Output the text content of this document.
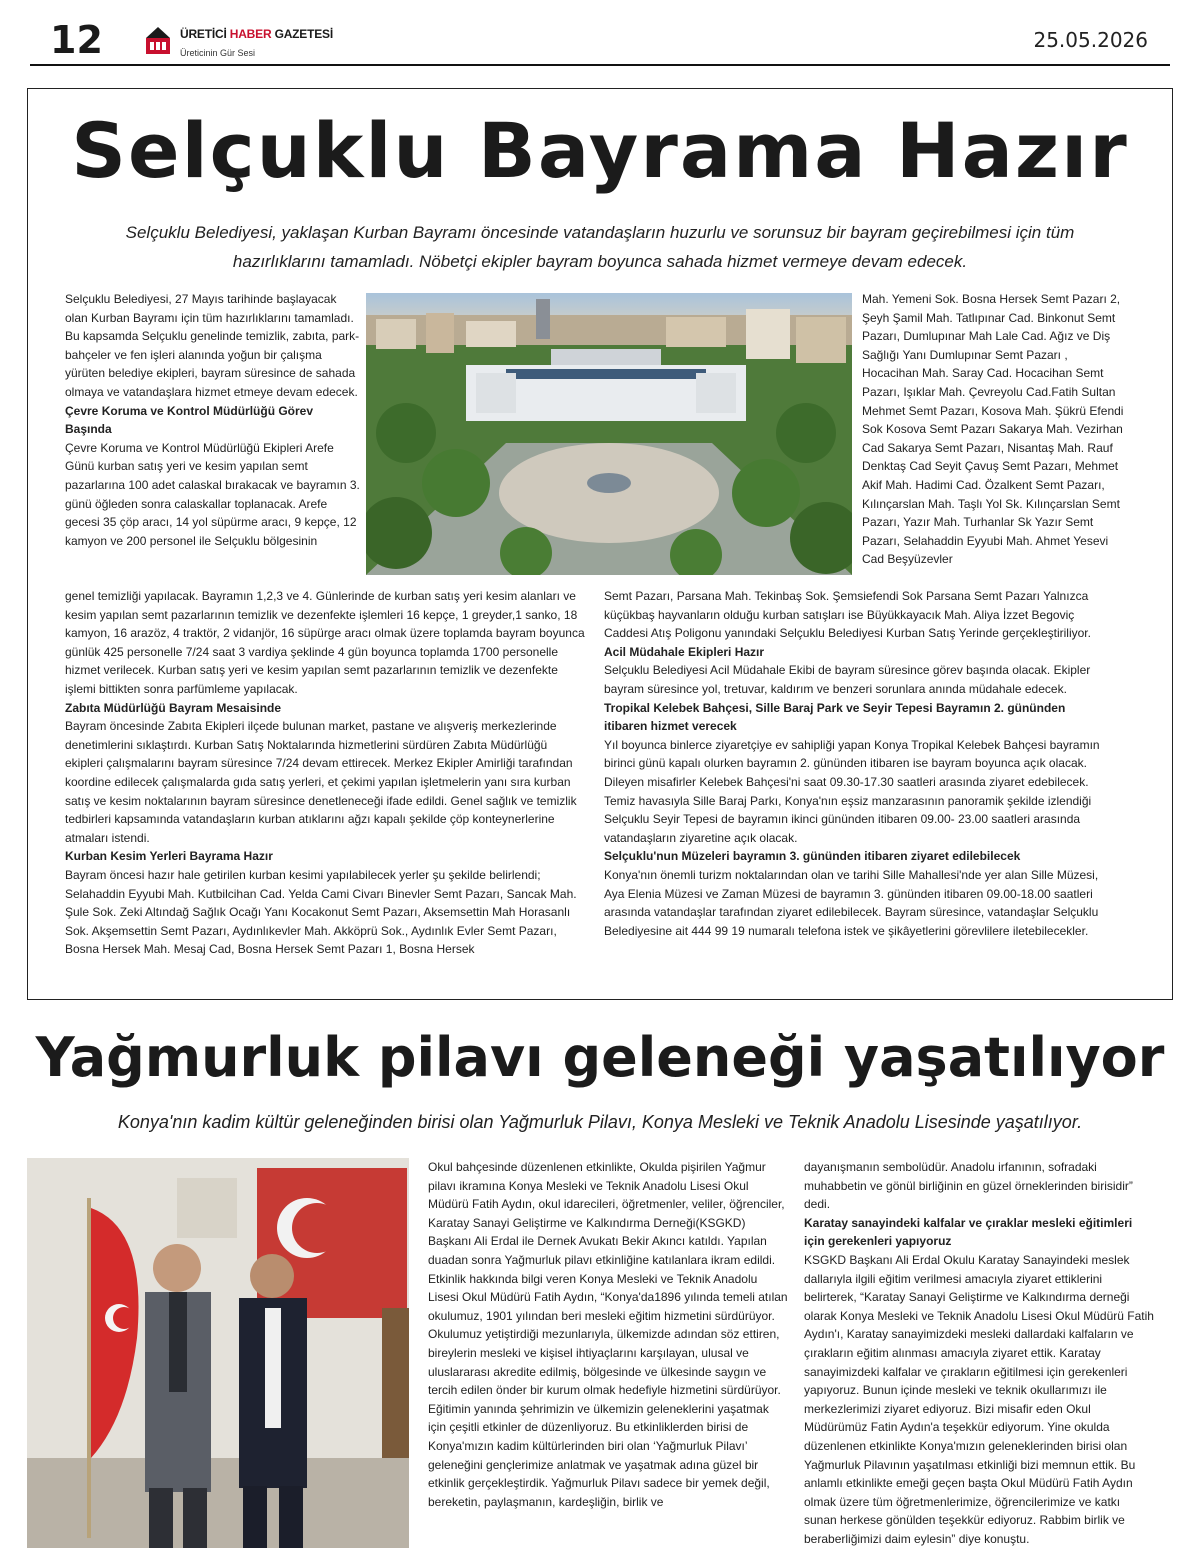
12	ÜRETİCİ HABER GAZETESİ
Üreticinin Gür Sesi
25.05.2026
Selçuklu Bayrama Hazır
Selçuklu Belediyesi, yaklaşan Kurban Bayramı öncesinde vatandaşların huzurlu ve sorunsuz bir bayram geçirebilmesi için tüm hazırlıklarını tamamladı. Nöbetçi ekipler bayram boyunca sahada hizmet vermeye devam edecek.

Selçuklu Belediyesi, 27 Mayıs tarihinde başlayacak olan Kurban Bayramı için tüm hazırlıklarını tamamladı. Bu kapsamda Selçuklu genelinde temizlik, zabıta, park-bahçeler ve fen işleri alanında yoğun bir çalışma yürüten belediye ekipleri, bayram süresince de sahada olmaya ve vatandaşlara hizmet etmeye devam edecek.

Çevre Koruma ve Kontrol Müdürlüğü Görev Başında

Çevre Koruma ve Kontrol Müdürlüğü Ekipleri Arefe Günü kurban satış yeri ve kesim yapılan semt pazarlarına 100 adet calaskal bırakacak ve bayramın 3. günü öğleden sonra calaskallar toplanacak. Arefe gecesi 35 çöp aracı, 14 yol süpürme aracı, 9 kepçe, 12 kamyon ve 200 personel ile Selçuklu bölgesinin

Mah. Yemeni Sok. Bosna Hersek Semt Pazarı 2, Şeyh Şamil Mah. Tatlıpınar Cad. Binkonut Semt Pazarı, Dumlupınar Mah Lale Cad. Ağız ve Diş Sağlığı Yanı Dumlupınar Semt Pazarı , Hocacihan Mah. Saray Cad. Hocacihan Semt Pazarı, Işıklar Mah. Çevreyolu Cad.Fatih Sultan Mehmet Semt Pazarı, Kosova Mah. Şükrü Efendi Sok Kosova Semt Pazarı Sakarya Mah. Vezirhan Cad Sakarya Semt Pazarı, Nisantaş Mah. Rauf Denktaş Cad Seyit Çavuş Semt Pazarı, Mehmet Akif Mah. Hadimi Cad. Özalkent Semt Pazarı, Kılınçarslan Mah. Taşlı Yol Sk. Kılınçarslan Semt Pazarı, Yazır Mah. Turhanlar Sk Yazır Semt Pazarı, Selahaddin Eyyubi Mah. Ahmet Yesevi Cad Beşyüzevler

genel temizliği yapılacak. Bayramın 1,2,3 ve 4. Günlerinde de kurban satış yeri kesim alanları ve kesim yapılan semt pazarlarının temizlik ve dezenfekte işlemleri 16 kepçe, 1 greyder,1 sanko, 18 kamyon, 16 arazöz, 4 traktör, 2 vidanjör, 16 süpürge aracı olmak üzere toplamda bayram boyunca günlük 425 personelle 7/24 saat 3 vardiya şeklinde 4 gün boyunca toplamda 1700 personelle hizmet verilecek. Kurban satış yeri ve kesim yapılan semt pazarlarının temizlik ve dezenfekte işlemi bittikten sonra parfümleme yapılacak.

Zabıta Müdürlüğü Bayram Mesaisinde

Bayram öncesinde Zabıta Ekipleri ilçede bulunan market, pastane ve alışveriş merkezlerinde denetimlerini sıklaştırdı. Kurban Satış Noktalarında hizmetlerini sürdüren Zabıta Müdürlüğü ekipleri çalışmalarını bayram süresince 7/24 devam ettirecek. Merkez Ekipler Amirliği tarafından koordine edilecek çalışmalarda gıda satış yerleri, et çekimi yapılan işletmelerin yanı sıra kurban satış ve kesim noktalarının bayram süresince denetleneceği ifade edildi. Genel sağlık ve temizlik tedbirleri kapsamında vatandaşların kurban atıklarını ağzı kapalı şekilde çöp konteynerlerine atmaları istendi.

Kurban Kesim Yerleri Bayrama Hazır

Bayram öncesi hazır hale getirilen kurban kesimi yapılabilecek yerler şu şekilde belirlendi; Selahaddin Eyyubi Mah. Kutbilcihan Cad. Yelda Cami Civarı Binevler Semt Pazarı, Sancak Mah. Şule Sok. Zeki Altındağ Sağlık Ocağı Yanı Kocakonut Semt Pazarı, Aksemsettin Mah Horasanlı Sok. Akşemsettin Semt Pazarı, Aydınlıkevler Mah. Akköprü Sok., Aydınlık Evler Semt Pazarı, Bosna Hersek Mah. Mesaj Cad, Bosna Hersek Semt Pazarı 1, Bosna Hersek

Semt Pazarı, Parsana Mah. Tekinbaş Sok. Şemsiefendi Sok Parsana Semt Pazarı Yalnızca küçükbaş hayvanların olduğu kurban satışları ise Büyükkayacık Mah. Aliya İzzet Begoviç Caddesi Atış Poligonu yanındaki Selçuklu Belediyesi Kurban Satış Yerinde gerçekleştiriliyor.

Acil Müdahale Ekipleri Hazır

Selçuklu Belediyesi Acil Müdahale Ekibi de bayram süresince görev başında olacak. Ekipler bayram süresince yol, tretuvar, kaldırım ve benzeri sorunlara anında müdahale edecek.

Tropikal Kelebek Bahçesi, Sille Baraj Park ve Seyir Tepesi Bayramın 2. gününden itibaren hizmet verecek

Yıl boyunca binlerce ziyaretçiye ev sahipliği yapan Konya Tropikal Kelebek Bahçesi bayramın birinci günü kapalı olurken bayramın 2. gününden itibaren ise bayram boyunca açık olacak. Dileyen misafirler Kelebek Bahçesi'ni saat 09.30-17.30 saatleri arasında ziyaret edebilecek. Temiz havasıyla Sille Baraj Parkı, Konya'nın eşsiz manzarasının panoramik şekilde izlendiği Selçuklu Seyir Tepesi de bayramın ikinci gününden itibaren 09.00- 23.00 saatleri arasında vatandaşların ziyaretine açık olacak.

Selçuklu'nun Müzeleri bayramın 3. gününden itibaren ziyaret edilebilecek

Konya'nın önemli turizm noktalarından olan ve tarihi Sille Mahallesi'nde yer alan Sille Müzesi, Aya Elenia Müzesi ve Zaman Müzesi de bayramın 3. gününden itibaren 09.00-18.00 saatleri arasında vatandaşlar tarafından ziyaret edilebilecek. Bayram süresince, vatandaşlar Selçuklu Belediyesine ait 444 99 19 numaralı telefona istek ve şikâyetlerini görevlilere iletebilecekler.

Yağmurluk pilavı geleneği yaşatılıyor
Konya'nın kadim kültür geleneğinden birisi olan Yağmurluk Pilavı, Konya Mesleki ve Teknik Anadolu Lisesinde yaşatılıyor.

Okul bahçesinde düzenlenen etkinlikte, Okulda pişirilen Yağmur pilavı ikramına Konya Mesleki ve Teknik Anadolu Lisesi Okul Müdürü Fatih Aydın, okul idarecileri, öğretmenler, veliler, öğrenciler, Karatay Sanayi Geliştirme ve Kalkındırma Derneği(KSGKD) Başkanı Ali Erdal ile Dernek Avukatı Bekir Akıncı katıldı. Yapılan duadan sonra Yağmurluk pilavı etkinliğine katılanlara ikram edildi. Etkinlik hakkında bilgi veren Konya Mesleki ve Teknik Anadolu Lisesi Okul Müdürü Fatih Aydın, “Konya'da1896 yılında temeli atılan okulumuz, 1901 yılından beri mesleki eğitim hizmetini sürdürüyor. Okulumuz yetiştirdiği mezunlarıyla, ülkemizde adından söz ettiren, bireylerin mesleki ve kişisel ihtiyaçlarını karşılayan, ulusal ve uluslararası akredite edilmiş, bölgesinde ve ülkesinde saygın ve tercih edilen önder bir kurum olmak hedefiyle hizmetini sürdürüyor. Eğitimin yanında şehrimizin ve ülkemizin geleneklerini yaşatmak için çeşitli etkinler de düzenliyoruz. Bu etkinliklerden birisi de Konya'mızın kadim kültürlerinden biri olan ‘Yağmurluk Pilavı’ geleneğini gençlerimize anlatmak ve yaşatmak adına güzel bir etkinlik gerçekleştirdik. Yağmurluk Pilavı sadece bir yemek değil, bereketin, paylaşmanın, kardeşliğin, birlik ve

dayanışmanın sembolüdür. Anadolu irfanının, sofradaki muhabbetin ve gönül birliğinin en güzel örneklerinden birisidir” dedi.

Karatay sanayindeki kalfalar ve çıraklar mesleki eğitimleri için gerekenleri yapıyoruz

KSGKD Başkanı Ali Erdal Okulu Karatay Sanayindeki meslek dallarıyla ilgili eğitim verilmesi amacıyla ziyaret ettiklerini belirterek, “Karatay Sanayi Geliştirme ve Kalkındırma derneği olarak Konya Mesleki ve Teknik Anadolu Lisesi Okul Müdürü Fatih Aydın'ı, Karatay sanayimizdeki mesleki dallardaki kalfaların ve çırakların eğitim alınması amacıyla ziyaret ettik. Karatay sanayimizdeki kalfalar ve çırakların eğitilmesi için gerekenleri yapıyoruz. Bunun içinde mesleki ve teknik okullarımızı ile merkezlerimizi ziyaret ediyoruz. Bizi misafir eden Okul Müdürümüz Fatin Aydın'a teşekkür ediyorum. Yine okulda düzenlenen etkinlikte Konya'mızın geleneklerinden birisi olan Yağmurluk Pilavının yaşatılması etkinliği bizi memnun ettik. Bu anlamlı etkinlikte emeği geçen başta Okul Müdürü Fatih Aydın olmak üzere tüm öğretmenlerimize, öğrencilerimize ve katkı sunan herkese gönülden teşekkür ediyoruz. Rabbim birlik ve beraberliğimizi daim eylesin” diye konuştu.
